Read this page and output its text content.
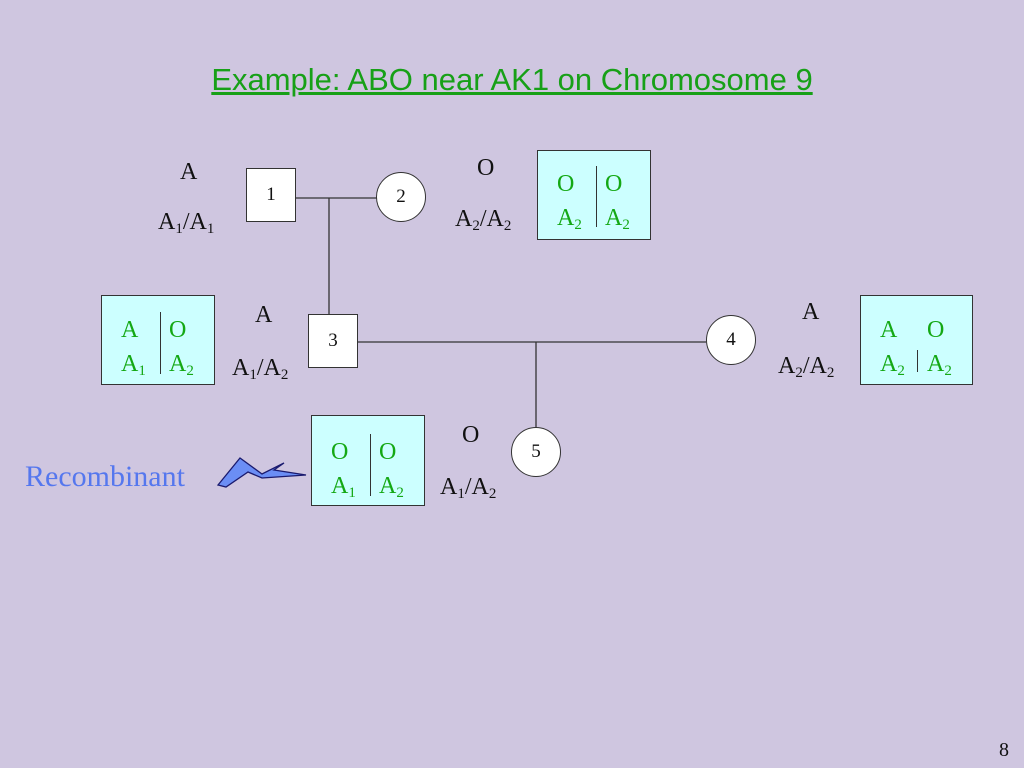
Example: ABO near AK1 on Chromosome 9
1
A
$A_1/A_1$
2
O
$A_2/A_2$
O O
$A_2$ $A_2$
3
A
$A_1/A_2$
A O
$A_1$ $A_2$
4
A
$A_2/A_2$
A O
$A_2$ $A_2$
5
O
$A_1/A_2$
O O
$A_1$ $A_2$
Recombinant
8
